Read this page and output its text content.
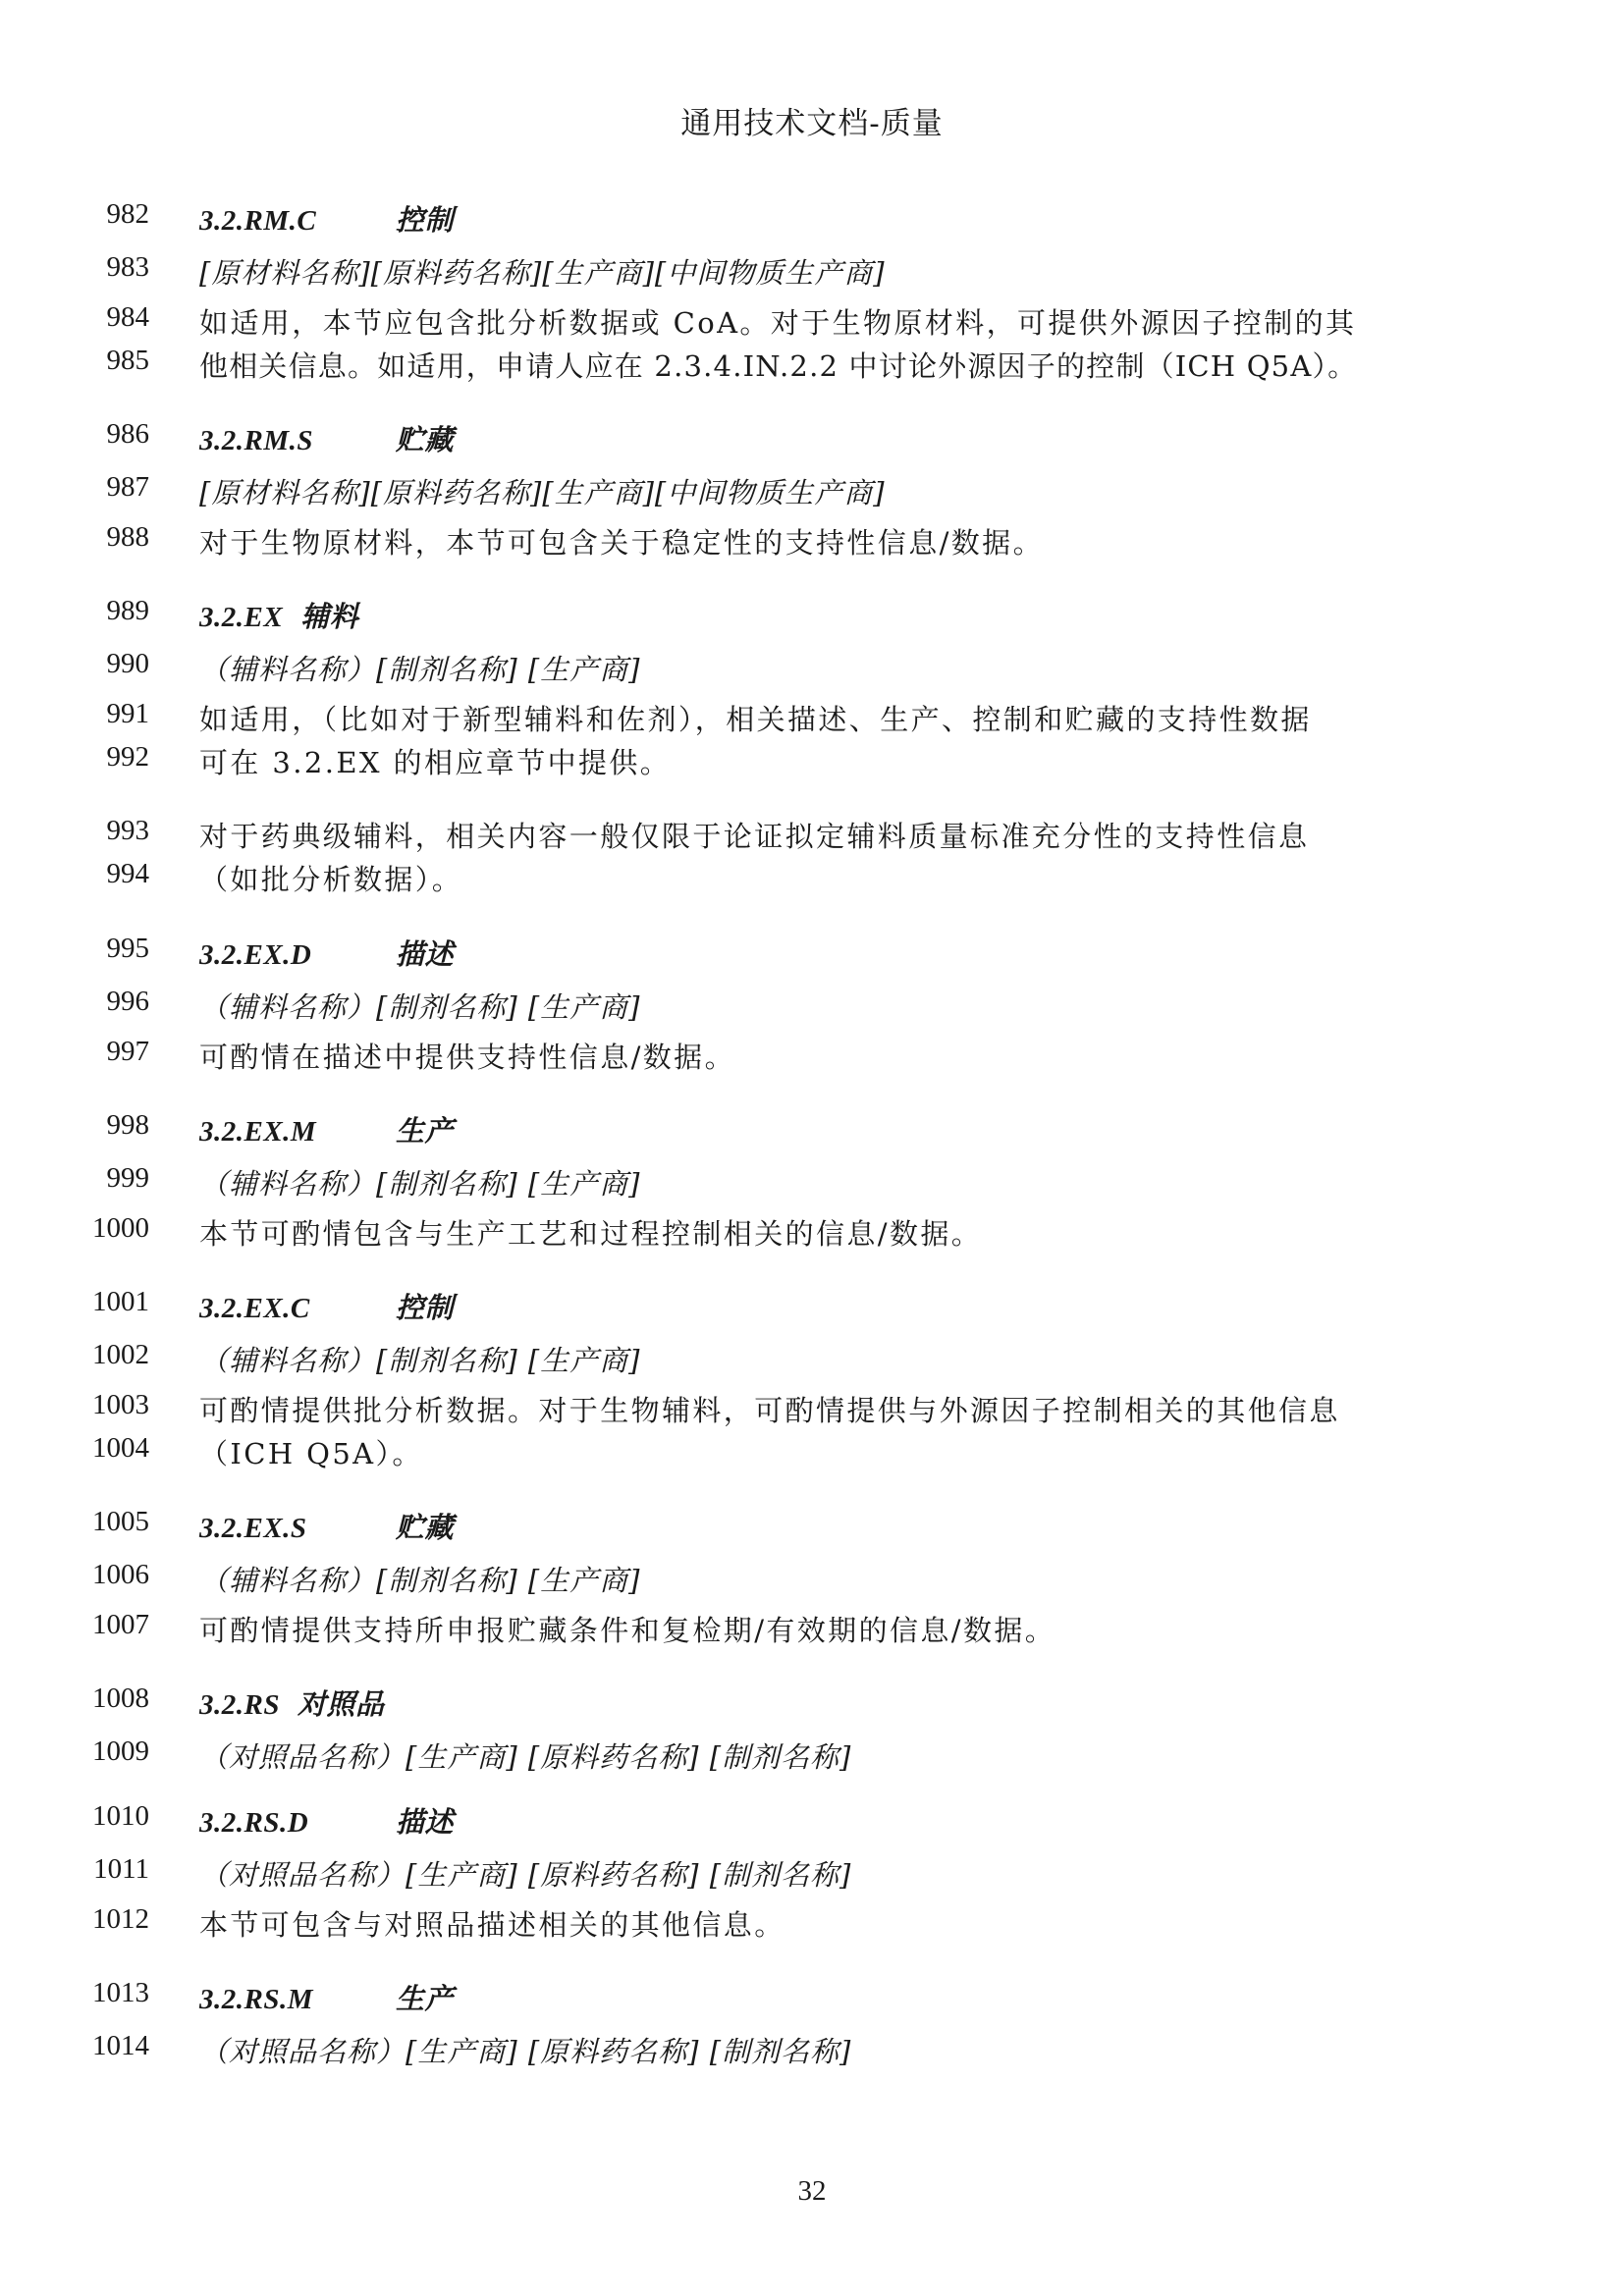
通用技术文档-质量
982 3.2.RM.C	控制
983 [原材料名称][原料药名称][生产商][中间物质生产商]
984 如适用，本节应包含批分析数据或 CoA。对于生物原材料，可提供外源因子控制的其
985 他相关信息。如适用，申请人应在 2.3.4.IN.2.2 中讨论外源因子的控制（ICH Q5A）。
986 3.2.RM.S	贮藏
987 [原材料名称][原料药名称][生产商][中间物质生产商]
988 对于生物原材料，本节可包含关于稳定性的支持性信息/数据。
989 3.2.EX 辅料
990 （辅料名称）[制剂名称] [生产商]
991 如适用，（比如对于新型辅料和佐剂），相关描述、生产、控制和贮藏的支持性数据
992 可在 3.2.EX 的相应章节中提供。
993 对于药典级辅料，相关内容一般仅限于论证拟定辅料质量标准充分性的支持性信息
994 （如批分析数据）。
995 3.2.EX.D	描述
996 （辅料名称）[制剂名称] [生产商]
997 可酌情在描述中提供支持性信息/数据。
998 3.2.EX.M	生产
999 （辅料名称）[制剂名称] [生产商]
1000 本节可酌情包含与生产工艺和过程控制相关的信息/数据。
1001 3.2.EX.C	控制
1002 （辅料名称）[制剂名称] [生产商]
1003 可酌情提供批分析数据。对于生物辅料，可酌情提供与外源因子控制相关的其他信息
1004 （ICH Q5A）。
1005 3.2.EX.S	贮藏
1006 （辅料名称）[制剂名称] [生产商]
1007 可酌情提供支持所申报贮藏条件和复检期/有效期的信息/数据。
1008 3.2.RS 对照品
1009 （对照品名称）[生产商] [原料药名称] [制剂名称]
1010 3.2.RS.D	描述
1011 （对照品名称）[生产商] [原料药名称] [制剂名称]
1012 本节可包含与对照品描述相关的其他信息。
1013 3.2.RS.M	生产
1014 （对照品名称）[生产商] [原料药名称] [制剂名称]
32
